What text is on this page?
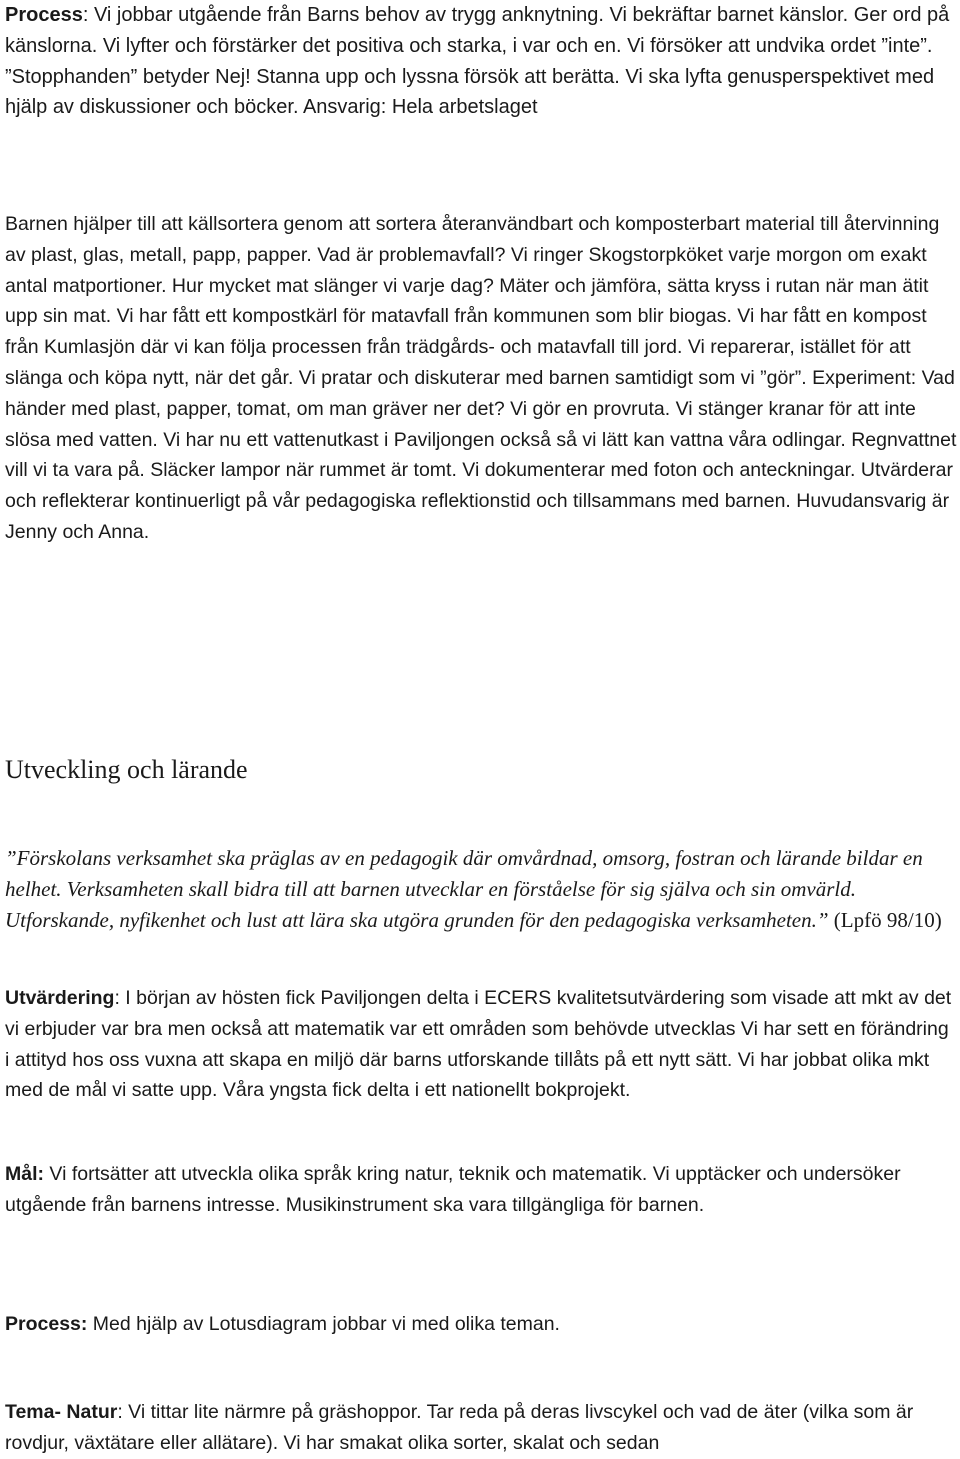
Process: Vi jobbar utgående från Barns behov av trygg anknytning. Vi bekräftar barnet känslor. Ger ord på känslorna. Vi lyfter och förstärker det positiva och starka, i var och en. Vi försöker att undvika ordet ”inte”. ”Stopphanden” betyder Nej! Stanna upp och lyssna försök att berätta. Vi ska lyfta genusperspektivet med hjälp av diskussioner och böcker. Ansvarig: Hela arbetslaget

Barnen hjälper till att källsortera genom att sortera återanvändbart och komposterbart material till återvinning av plast, glas, metall, papp, papper. Vad är problemavfall? Vi ringer Skogstorpköket varje morgon om exakt antal matportioner. Hur mycket mat slänger vi varje dag? Mäter och jämföra, sätta kryss i rutan när man ätit upp sin mat. Vi har fått ett kompostkärl för matavfall från kommunen som blir biogas. Vi har fått en kompost från Kumlasjön där vi kan följa processen från trädgårds- och matavfall till jord. Vi reparerar, istället för att slänga och köpa nytt, när det går. Vi pratar och diskuterar med barnen samtidigt som vi ”gör”. Experiment: Vad händer med plast, papper, tomat, om man gräver ner det? Vi gör en provruta. Vi stänger kranar för att inte slösa med vatten. Vi har nu ett vattenutkast i Paviljongen också så vi lätt kan vattna våra odlingar. Regnvattnet vill vi ta vara på. Släcker lampor när rummet är tomt. Vi dokumenterar med foton och anteckningar. Utvärderar och reflekterar kontinuerligt på vår pedagogiska reflektionstid och tillsammans med barnen. Huvudansvarig är Jenny och Anna.

Utveckling och lärande

”Förskolans verksamhet ska präglas av en pedagogik där omvårdnad, omsorg, fostran och lärande bildar en helhet. Verksamheten skall bidra till att barnen utvecklar en förståelse för sig själva och sin omvärld. Utforskande, nyfikenhet och lust att lära ska utgöra grunden för den pedagogiska verksamheten.” (Lpfö 98/10)

Utvärdering: I början av hösten fick Paviljongen delta i ECERS kvalitetsutvärdering som visade att mkt av det vi erbjuder var bra men också att matematik var ett områden som behövde utvecklas Vi har sett en förändring i attityd hos oss vuxna att skapa en miljö där barns utforskande tillåts på ett nytt sätt. Vi har jobbat olika mkt med de mål vi satte upp. Våra yngsta fick delta i ett nationellt bokprojekt.

Mål: Vi fortsätter att utveckla olika språk kring natur, teknik och matematik. Vi upptäcker och undersöker utgående från barnens intresse. Musikinstrument ska vara tillgängliga för barnen.

Process: Med hjälp av Lotusdiagram jobbar vi med olika teman.

Tema- Natur: Vi tittar lite närmre på gräshoppor. Tar reda på deras livscykel och vad de äter (vilka som är rovdjur, växtätare eller allätare). Vi har smakat olika sorter, skalat och sedan
